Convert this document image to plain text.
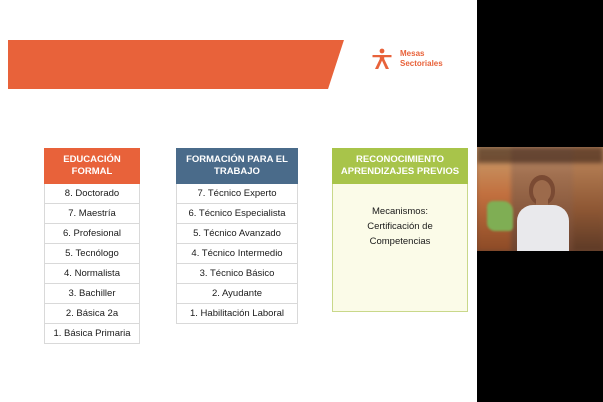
3 vías de cualificación SNC
Mesas
Sectoriales
EDUCACIÓN FORMAL
8. Doctorado
7. Maestría
6. Profesional
5. Tecnólogo
4. Normalista
3. Bachiller
2. Básica 2a
1. Básica Primaria
FORMACIÓN PARA EL TRABAJO
7. Técnico Experto
6. Técnico Especialista
5. Técnico Avanzado
4. Técnico Intermedio
3. Técnico Básico
2. Ayudante
1. Habilitación Laboral
RECONOCIMIENTO APRENDIZAJES PREVIOS
Mecanismos:
Certificación de
Competencias
